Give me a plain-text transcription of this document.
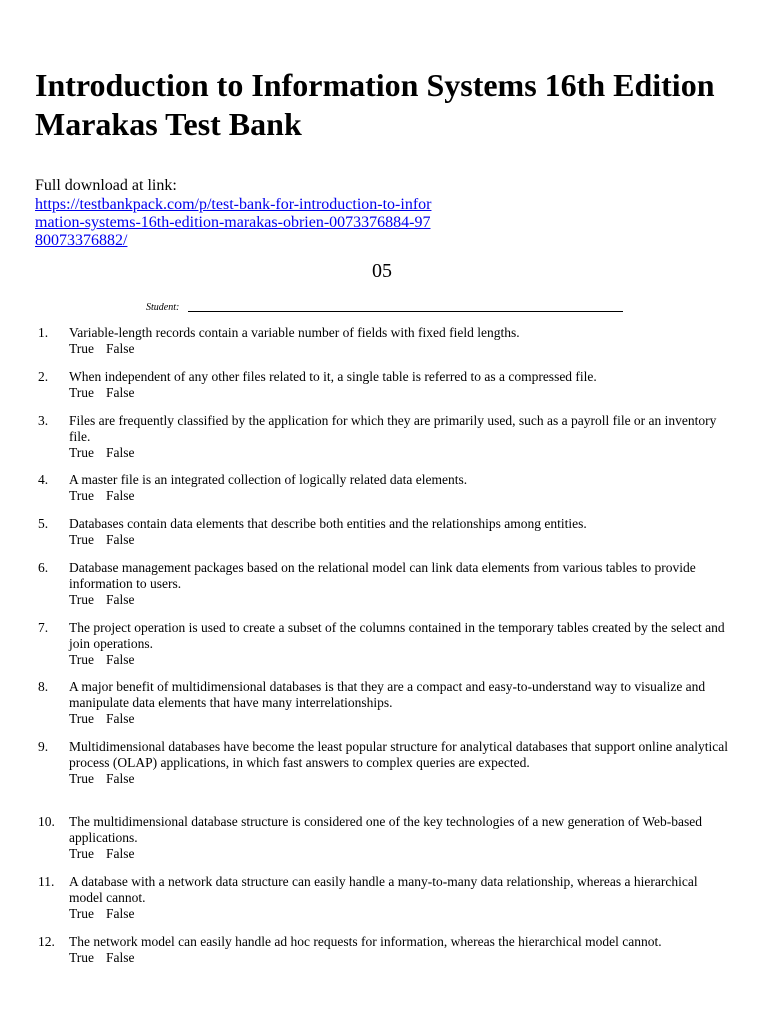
Introduction to Information Systems 16th Edition Marakas Test Bank
Full download at link:
https://testbankpack.com/p/test-bank-for-introduction-to-information-systems-16th-edition-marakas-obrien-0073376884-9780073376882/
05
Student:
1.	Variable-length records contain a variable number of fields with fixed field lengths.
True False
2.	When independent of any other files related to it, a single table is referred to as a compressed file.
True False
3.	Files are frequently classified by the application for which they are primarily used, such as a payroll file or an inventory file.
True False
4.	A master file is an integrated collection of logically related data elements.
True False
5.	Databases contain data elements that describe both entities and the relationships among entities.
True False
6.	Database management packages based on the relational model can link data elements from various tables to provide information to users.
True False
7.	The project operation is used to create a subset of the columns contained in the temporary tables created by the select and join operations.
True False
8.	A major benefit of multidimensional databases is that they are a compact and easy-to-understand way to visualize and manipulate data elements that have many interrelationships.
True False
9.	Multidimensional databases have become the least popular structure for analytical databases that support online analytical process (OLAP) applications, in which fast answers to complex queries are expected.
True False
10.	The multidimensional database structure is considered one of the key technologies of a new generation of Web-based applications.
True False
11.	A database with a network data structure can easily handle a many-to-many data relationship, whereas a hierarchical model cannot.
True False
12.	The network model can easily handle ad hoc requests for information, whereas the hierarchical model cannot.
True False
